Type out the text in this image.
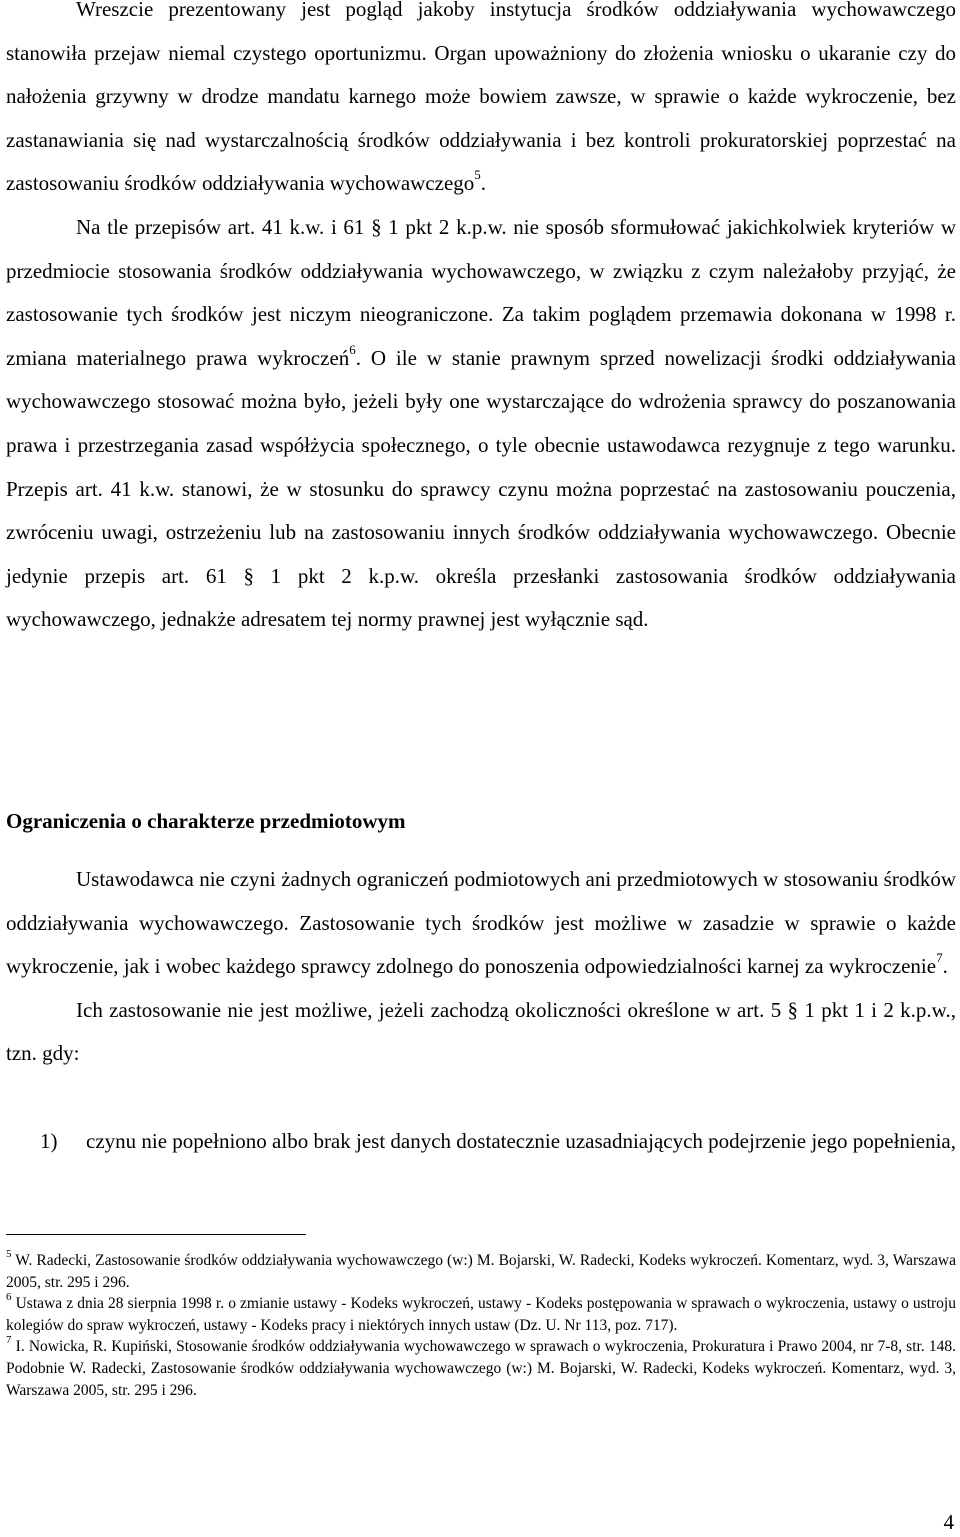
Wreszcie prezentowany jest pogląd jakoby instytucja środków oddziaływania wychowawczego stanowiła przejaw niemal czystego oportunizmu. Organ upoważniony do złożenia wniosku o ukaranie czy do nałożenia grzywny w drodze mandatu karnego może bowiem zawsze, w sprawie o każde wykroczenie, bez zastanawiania się nad wystarczalnością środków oddziaływania i bez kontroli prokuratorskiej poprzestać na zastosowaniu środków oddziaływania wychowawczego$^5$.

Na tle przepisów art. 41 k.w. i 61 § 1 pkt 2 k.p.w. nie sposób sformułować jakichkolwiek kryteriów w przedmiocie stosowania środków oddziaływania wychowawczego, w związku z czym należałoby przyjąć, że zastosowanie tych środków jest niczym nieograniczone. Za takim poglądem przemawia dokonana w 1998 r. zmiana materialnego prawa wykroczeń$^6$. O ile w stanie prawnym sprzed nowelizacji środki oddziaływania wychowawczego stosować można było, jeżeli były one wystarczające do wdrożenia sprawcy do poszanowania prawa i przestrzegania zasad współżycia społecznego, o tyle obecnie ustawodawca rezygnuje z tego warunku. Przepis art. 41 k.w. stanowi, że w stosunku do sprawcy czynu można poprzestać na zastosowaniu pouczenia, zwróceniu uwagi, ostrzeżeniu lub na zastosowaniu innych środków oddziaływania wychowawczego. Obecnie jedynie przepis art. 61 § 1 pkt 2 k.p.w. określa przesłanki zastosowania środków oddziaływania wychowawczego, jednakże adresatem tej normy prawnej jest wyłącznie sąd.

Ograniczenia o charakterze przedmiotowym

Ustawodawca nie czyni żadnych ograniczeń podmiotowych ani przedmiotowych w stosowaniu środków oddziaływania wychowawczego. Zastosowanie tych środków jest możliwe w zasadzie w sprawie o każde wykroczenie, jak i wobec każdego sprawcy zdolnego do ponoszenia odpowiedzialności karnej za wykroczenie$^7$.

Ich zastosowanie nie jest możliwe, jeżeli zachodzą okoliczności określone w art. 5 § 1 pkt 1 i 2 k.p.w., tzn. gdy:

1) czynu nie popełniono albo brak jest danych dostatecznie uzasadniających podejrzenie jego popełnienia,

$^5$ W. Radecki, Zastosowanie środków oddziaływania wychowawczego (w:) M. Bojarski, W. Radecki, Kodeks wykroczeń. Komentarz, wyd. 3, Warszawa 2005, str. 295 i 296.

$^6$ Ustawa z dnia 28 sierpnia 1998 r. o zmianie ustawy - Kodeks wykroczeń, ustawy - Kodeks postępowania w sprawach o wykroczenia, ustawy o ustroju kolegiów do spraw wykroczeń, ustawy - Kodeks pracy i niektórych innych ustaw (Dz. U. Nr 113, poz. 717).

$^7$ I. Nowicka, R. Kupiński, Stosowanie środków oddziaływania wychowawczego w sprawach o wykroczenia, Prokuratura i Prawo 2004, nr 7-8, str. 148. Podobnie W. Radecki, Zastosowanie środków oddziaływania wychowawczego (w:) M. Bojarski, W. Radecki, Kodeks wykroczeń. Komentarz, wyd. 3, Warszawa 2005, str. 295 i 296.

4
